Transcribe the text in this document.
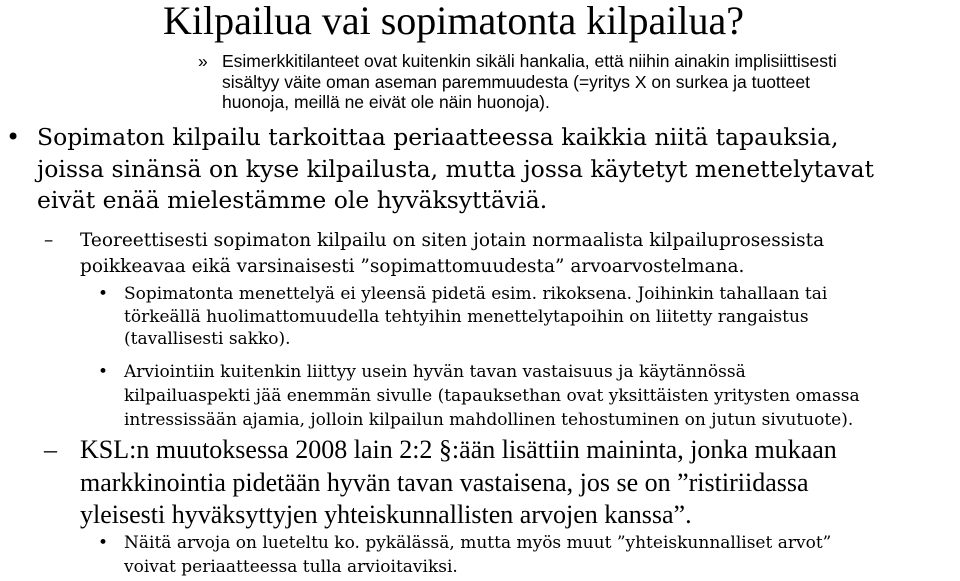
Kilpailua vai sopimatonta kilpailua?
» Esimerkkitilanteet ovat kuitenkin sikäli hankalia, että niihin ainakin implisiittisesti
sisältyy väite oman aseman paremmuudesta (=yritys X on surkea ja tuotteet
huonoja, meillä ne eivät ole näin huonoja).
• Sopimaton kilpailu tarkoittaa periaatteessa kaikkia niitä tapauksia,
joissa sinänsä on kyse kilpailusta, mutta jossa käytetyt menettelytavat
eivät enää mielestämme ole hyväksyttäviä.
– Teoreettisesti sopimaton kilpailu on siten jotain normaalista kilpailuprosessista
poikkeavaa eikä varsinaisesti ”sopimattomuudesta” arvoarvostelmana.
• Sopimatonta menettelyä ei yleensä pidetä esim. rikoksena. Joihinkin tahallaan tai
törkeällä huolimattomuudella tehtyihin menettelytapoihin on liitetty rangaistus
(tavallisesti sakko).
• Arviointiin kuitenkin liittyy usein hyvän tavan vastaisuus ja käytännössä
kilpailuaspekti jää enemmän sivulle (tapauksethan ovat yksittäisten yritysten omassa
intressissään ajamia, jolloin kilpailun mahdollinen tehostuminen on jutun sivutuote).
– KSL:n muutoksessa 2008 lain 2:2 §:ään lisättiin maininta, jonka mukaan
markkinointia pidetään hyvän tavan vastaisena, jos se on ”ristiriidassa
yleisesti hyväksyttyjen yhteiskunnallisten arvojen kanssa”.
• Näitä arvoja on lueteltu ko. pykälässä, mutta myös muut ”yhteiskunnalliset arvot”
voivat periaatteessa tulla arvioitaviksi.
